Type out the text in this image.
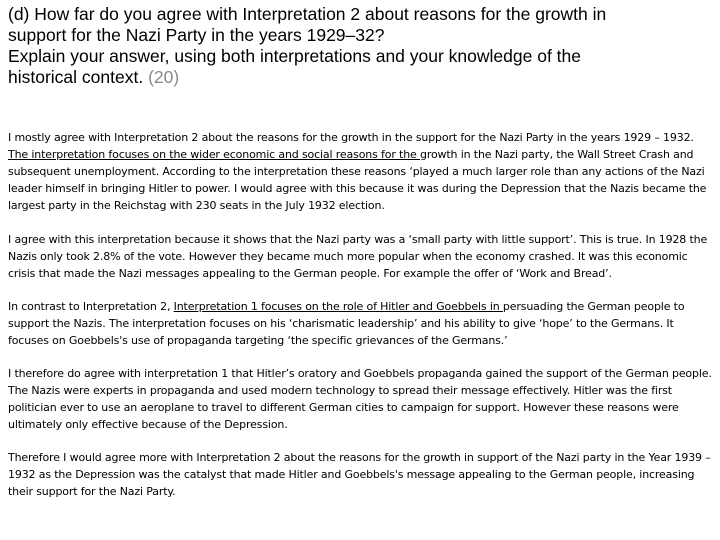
(d) How far do you agree with Interpretation 2 about reasons for the growth in
support for the Nazi Party in the years 1929–32?
Explain your answer, using both interpretations and your knowledge of the
historical context. (20)

I mostly agree with Interpretation 2 about the reasons for the growth in the support for the Nazi Party in the years 1929 – 1932. The interpretation focuses on the wider economic and social reasons for the growth in the Nazi party, the Wall Street Crash and subsequent unemployment. According to the interpretation these reasons ‘played a much larger role than any actions of the Nazi leader himself in bringing Hitler to power. I would agree with this because it was during the Depression that the Nazis became the largest party in the Reichstag with 230 seats in the July 1932 election.

I agree with this interpretation because it shows that the Nazi party was a ‘small party with little support’. This is true. In 1928 the Nazis only took 2.8% of the vote. However they became much more popular when the economy crashed. It was this economic crisis that made the Nazi messages appealing to the German people. For example the offer of ‘Work and Bread’.

In contrast to Interpretation 2, Interpretation 1 focuses on the role of Hitler and Goebbels in persuading the German people to support the Nazis. The interpretation focuses on his ‘charismatic leadership’ and his ability to give ‘hope’ to the Germans. It focuses on Goebbels's use of propaganda targeting ‘the specific grievances of the Germans.’

I therefore do agree with interpretation 1 that Hitler’s oratory and Goebbels propaganda gained the support of the German people. The Nazis were experts in propaganda and used modern technology to spread their message effectively. Hitler was the first politician ever to use an aeroplane to travel to different German cities to campaign for support. However these reasons were ultimately only effective because of the Depression.

Therefore I would agree more with Interpretation 2 about the reasons for the growth in support of the Nazi party in the Year 1939 – 1932 as the Depression was the catalyst that made Hitler and Goebbels's message appealing to the German people, increasing their support for the Nazi Party.
